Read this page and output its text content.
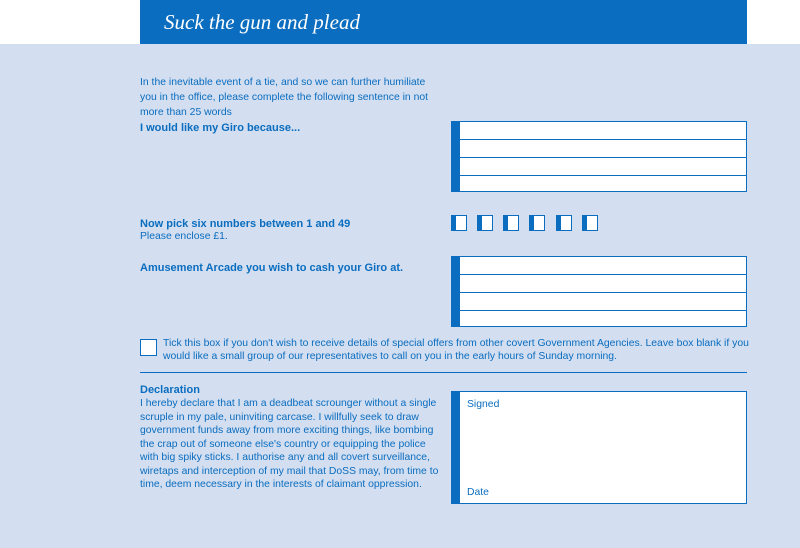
Suck the gun and plead
In the inevitable event of a tie, and so we can further humiliate you in the office, please complete the following sentence in not more than 25 words
I would like my Giro because...
Now pick six numbers between 1 and 49
Please enclose £1.
Amusement Arcade you wish to cash your Giro at.
Tick this box if you don't wish to receive details of special offers from other covert Government Agencies. Leave box blank if you would like a small group of our representatives to call on you in the early hours of Sunday morning.
Declaration
I hereby declare that I am a deadbeat scrounger without a single scruple in my pale, uninviting carcase. I willfully seek to draw government funds away from more exciting things, like bombing the crap out of someone else's country or equipping the police with big spiky sticks. I authorise any and all covert surveillance, wiretaps and interception of my mail that DoSS may, from time to time, deem necessary in the interests of claimant oppression.
Signed
Date
